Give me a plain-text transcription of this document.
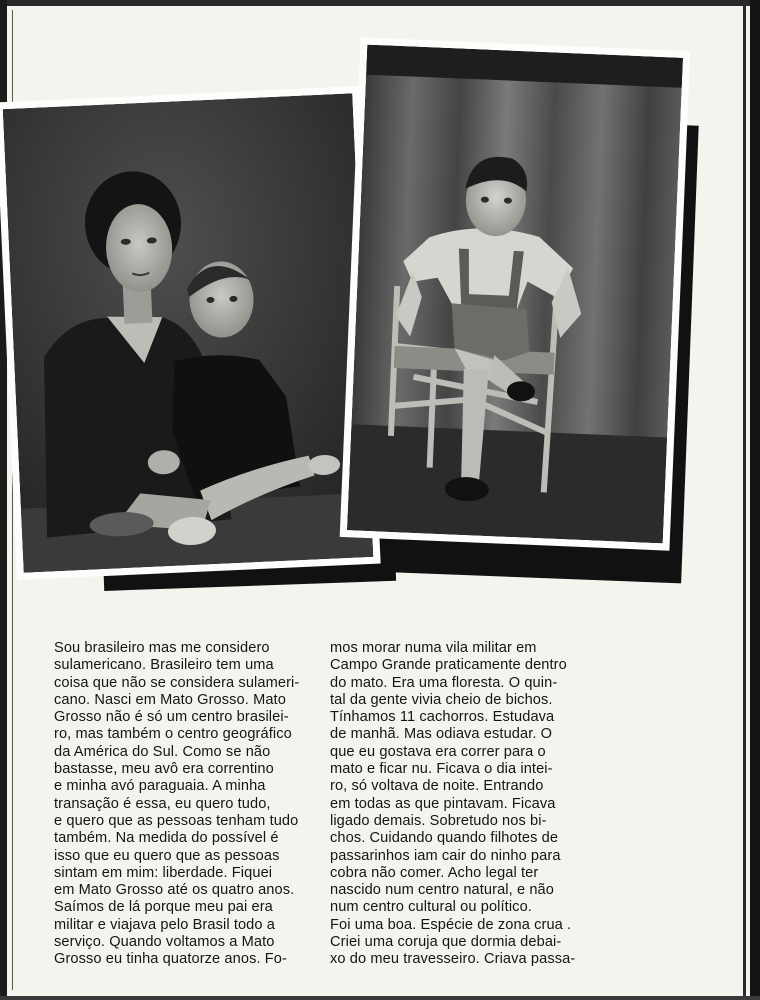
Sou brasileiro mas me considero
sulamericano. Brasileiro tem uma
coisa que não se considera sulameri-
cano. Nasci em Mato Grosso. Mato
Grosso não é só um centro brasilei-
ro, mas também o centro geográfico
da América do Sul. Como se não
bastasse, meu avô era correntino
e minha avó paraguaia. A minha
transação é essa, eu quero tudo,
e quero que as pessoas tenham tudo
também. Na medida do possível é
isso que eu quero que as pessoas
sintam em mim: liberdade. Fiquei
em Mato Grosso até os quatro anos.
Saímos de lá porque meu pai era
militar e viajava pelo Brasil todo a
serviço. Quando voltamos a Mato
Grosso eu tinha quatorze anos. Fo-
mos morar numa vila militar em
Campo Grande praticamente dentro
do mato. Era uma floresta. O quin-
tal da gente vivia cheio de bichos.
Tínhamos 11 cachorros. Estudava
de manhã. Mas odiava estudar. O
que eu gostava era correr para o
mato e ficar nu. Ficava o dia intei-
ro, só voltava de noite. Entrando
em todas as que pintavam. Ficava
ligado demais. Sobretudo nos bi-
chos. Cuidando quando filhotes de
passarinhos iam cair do ninho para
cobra não comer. Acho legal ter
nascido num centro natural, e não
num centro cultural ou político.
Foi uma boa. Espécie de zona crua .
Criei uma coruja que dormia debai-
xo do meu travesseiro. Criava passa-
